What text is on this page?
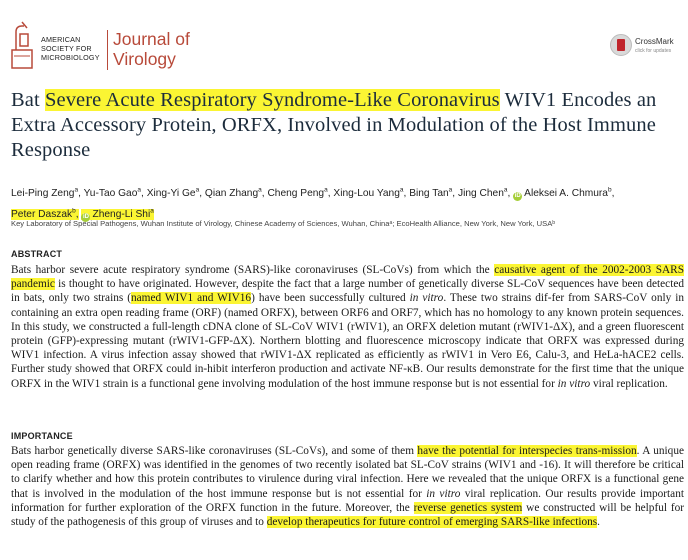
AMERICAN
SOCIETY FOR
MICROBIOLOGY
Journal of
Virology
CrossMark
click for updates
Bat Severe Acute Respiratory Syndrome-Like Coronavirus WIV1 Encodes an Extra Accessory Protein, ORFX, Involved in Modulation of the Host Immune Response
Lei-Ping Zeng$^a$, Yu-Tao Gao$^a$, Xing-Yi Ge$^a$, Qian Zhang$^a$, Cheng Peng$^a$, Xing-Lou Yang$^a$, Bing Tan$^a$, Jing Chen$^a$, iD Aleksei A. Chmura$^b$,
Peter Daszak$^b$, iD Zheng-Li Shi$^a$
Key Laboratory of Special Pathogens, Wuhan Institute of Virology, Chinese Academy of Sciences, Wuhan, Chinaᵃ; EcoHealth Alliance, New York, New York, USAᵇ
ABSTRACT

Bats harbor severe acute respiratory syndrome (SARS)-like coronaviruses (SL-CoVs) from which the causative agent of the 2002-2003 SARS pandemic is thought to have originated. However, despite the fact that a large number of genetically diverse SL-CoV sequences have been detected in bats, only two strains (named WIV1 and WIV16) have been successfully cultured in vitro. These two strains dif-fer from SARS-CoV only in containing an extra open reading frame (ORF) (named ORFX), between ORF6 and ORF7, which has no homology to any known protein sequences. In this study, we constructed a full-length cDNA clone of SL-CoV WIV1 (rWIV1), an ORFX deletion mutant (rWIV1-ΔX), and a green fluorescent protein (GFP)-expressing mutant (rWIV1-GFP-ΔX). Northern blotting and fluorescence microscopy indicate that ORFX was expressed during WIV1 infection. A virus infection assay showed that rWIV1-ΔX replicated as efficiently as rWIV1 in Vero E6, Calu-3, and HeLa-hACE2 cells. Further study showed that ORFX could in-hibit interferon production and activate NF-κB. Our results demonstrate for the first time that the unique ORFX in the WIV1 strain is a functional gene involving modulation of the host immune response but is not essential for in vitro viral replication.

IMPORTANCE

Bats harbor genetically diverse SARS-like coronaviruses (SL-CoVs), and some of them have the potential for interspecies trans-mission. A unique open reading frame (ORFX) was identified in the genomes of two recently isolated bat SL-CoV strains (WIV1 and -16). It will therefore be critical to clarify whether and how this protein contributes to virulence during viral infection. Here we revealed that the unique ORFX is a functional gene that is involved in the modulation of the host immune response but is not essential for in vitro viral replication. Our results provide important information for further exploration of the ORFX function in the future. Moreover, the reverse genetics system we constructed will be helpful for study of the pathogenesis of this group of viruses and to develop therapeutics for future control of emerging SARS-like infections.
